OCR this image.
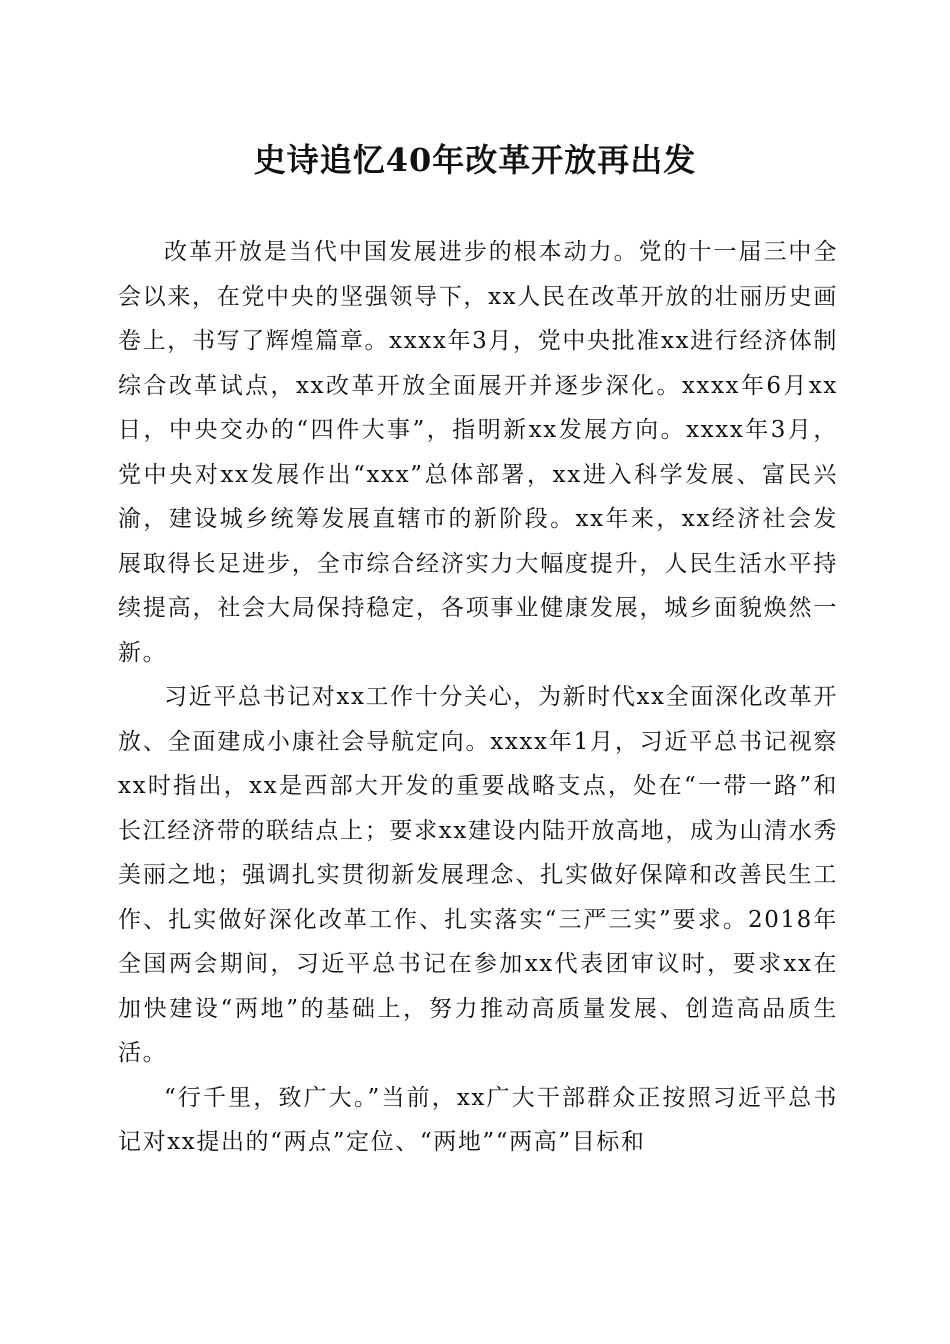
史诗追忆40年改革开放再出发

改革开放是当代中国发展进步的根本动力。党的十一届三中全会以来，在党中央的坚强领导下，xx人民在改革开放的壮丽历史画卷上，书写了辉煌篇章。xxxx年3月，党中央批准xx进行经济体制综合改革试点，xx改革开放全面展开并逐步深化。xxxx年6月xx日，中央交办的“四件大事”，指明新xx发展方向。xxxx年3月，党中央对xx发展作出“xxx”总体部署，xx进入科学发展、富民兴渝，建设城乡统筹发展直辖市的新阶段。xx年来，xx经济社会发展取得长足进步，全市综合经济实力大幅度提升，人民生活水平持续提高，社会大局保持稳定，各项事业健康发展，城乡面貌焕然一新。

习近平总书记对xx工作十分关心，为新时代xx全面深化改革开放、全面建成小康社会导航定向。xxxx年1月，习近平总书记视察xx时指出，xx是西部大开发的重要战略支点，处在“一带一路”和长江经济带的联结点上；要求xx建设内陆开放高地，成为山清水秀美丽之地；强调扎实贯彻新发展理念、扎实做好保障和改善民生工作、扎实做好深化改革工作、扎实落实“三严三实”要求。2018年全国两会期间，习近平总书记在参加xx代表团审议时，要求xx在加快建设“两地”的基础上，努力推动高质量发展、创造高品质生活。

“行千里，致广大。”当前，xx广大干部群众正按照习近平总书记对xx提出的“两点”定位、“两地”“两高”目标和
